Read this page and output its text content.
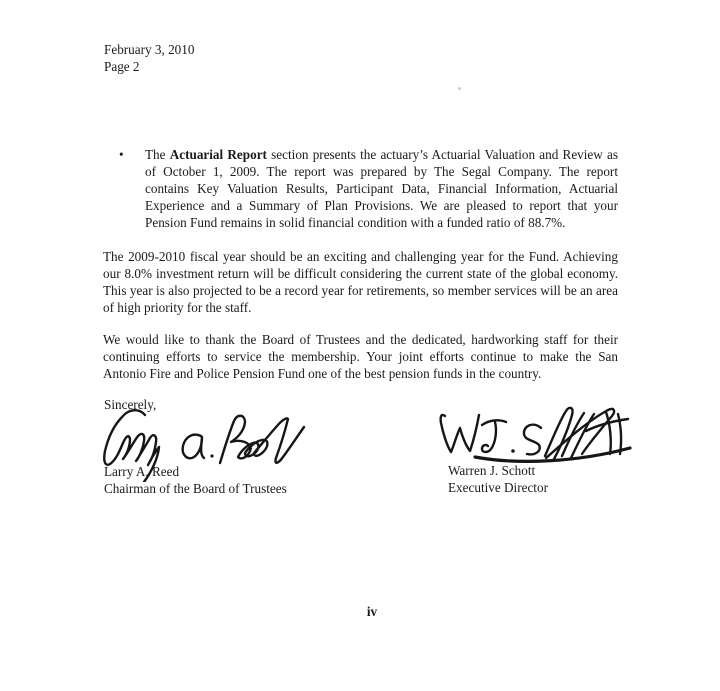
February 3, 2010
Page 2
•	The Actuarial Report section presents the actuary’s Actuarial Valuation and Review as
of October 1, 2009. The report was prepared by The Segal Company. The report
contains Key Valuation Results, Participant Data, Financial Information, Actuarial
Experience and a Summary of Plan Provisions. We are pleased to report that your
Pension Fund remains in solid financial condition with a funded ratio of 88.7%.
The 2009-2010 fiscal year should be an exciting and challenging year for the Fund. Achieving
our 8.0% investment return will be difficult considering the current state of the global economy.
This year is also projected to be a record year for retirements, so member services will be an area
of high priority for the staff.
We would like to thank the Board of Trustees and the dedicated, hardworking staff for their
continuing efforts to service the membership. Your joint efforts continue to make the San
Antonio Fire and Police Pension Fund one of the best pension funds in the country.
Sincerely,
Larry A. Reed
Chairman of the Board of Trustees
Warren J. Schott
Executive Director
iv
